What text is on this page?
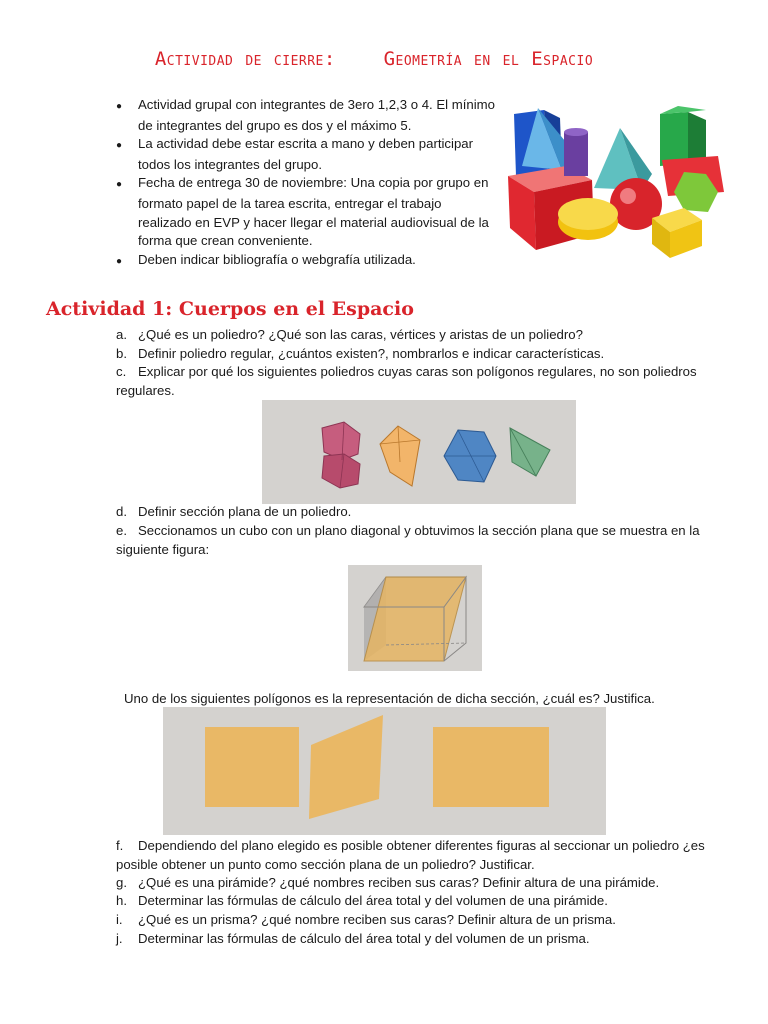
Actividad de cierre:    Geometría en el Espacio
● Actividad grupal con integrantes de 3ero 1,2,3 o 4. El mínimo de integrantes del grupo es dos y el máximo 5.
● La actividad debe estar escrita a mano y deben participar todos los integrantes del grupo.
● Fecha de entrega 30 de noviembre: Una copia por grupo en formato papel de la tarea escrita, entregar el trabajo realizado en EVP y hacer llegar el material audiovisual de la forma que crean conveniente.
● Deben indicar bibliografía o webgrafía utilizada.
Actividad 1: Cuerpos en el Espacio
a. ¿Qué es un poliedro? ¿Qué son las caras, vértices y aristas de un poliedro?
b. Definir poliedro regular, ¿cuántos existen?, nombrarlos e indicar características.
c. Explicar por qué los siguientes poliedros cuyas caras son polígonos regulares, no son poliedros regulares.
d. Definir sección plana de un poliedro.
e. Seccionamos un cubo con un plano diagonal y obtuvimos la sección plana que se muestra en la siguiente figura:
Uno de los siguientes polígonos es la representación de dicha sección, ¿cuál es? Justifica.
f. Dependiendo del plano elegido es posible obtener diferentes figuras al seccionar un poliedro ¿es posible obtener un punto como sección plana de un poliedro? Justificar.
g. ¿Qué es una pirámide? ¿qué nombres reciben sus caras? Definir altura de una pirámide.
h. Determinar las fórmulas de cálculo del área total y del volumen de una pirámide.
i. ¿Qué es un prisma? ¿qué nombre reciben sus caras? Definir altura de un prisma.
j. Determinar las fórmulas de cálculo del área total y del volumen de un prisma.
